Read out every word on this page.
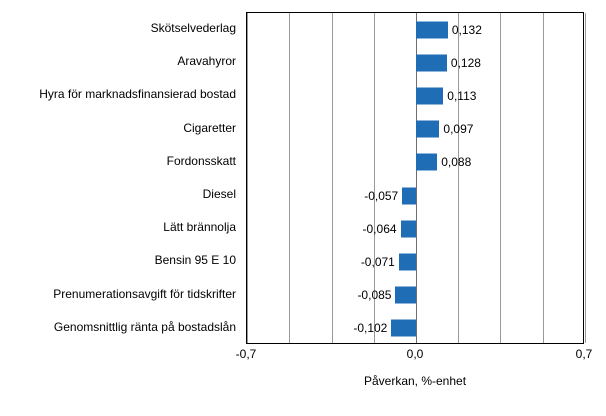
Skötselvederlag
Aravahyror
Hyra för marknadsfinansierad bostad
Cigaretter
Fordonsskatt
Diesel
Lätt brännolja
Bensin 95 E 10
Prenumerationsavgift för tidskrifter
Genomsnittlig ränta på bostadslån
0,132
0,128
0,113
0,097
0,088
-0,057
-0,064
-0,071
-0,085
-0,102
-0,7	0,0	0,7
Påverkan, %-enhet
